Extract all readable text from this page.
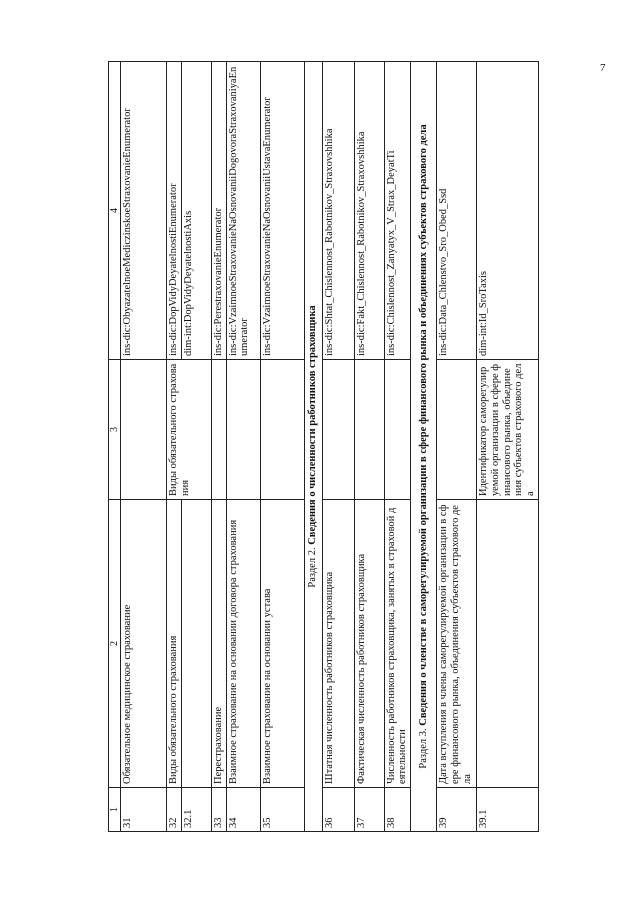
1	2	3	4
31	Обязательное медицинское страхование		ins-dic:ObyazatelnoeMediczinskoeStraxovanieEnumerator
32	Виды обязательного страхования	Виды обязательного страхования	ins-dic:DopVidyDeyatelnostiEnumerator
32.1			dim-int:DopVidyDeyatelnostiAxis
33	Перестрахование		ins-dic:PerestraxovanieEnumerator
34	Взаимное страхование на основании договора страхования		ins-dic:VzaimnoeStraxovanieNaOsnovaniiDogovoraStraxovaniyaEnumerator
35	Взаимное страхование на основании устава		ins-dic:VzaimnoeStraxovanieNaOsnovaniiUstavaEnumerator
Раздел 2. Сведения о численности работников страховщика			
36	Штатная численность работников страховщика		ins-dic:Shtat_Chislennost_Rabotnikov_Straxovshhika
37	Фактическая численность работников страховщика		ins-dic:Fakt_Chislennost_Rabotnikov_Straxovshhika
38	Численность работников страховщика, занятых в страховой деятельности		ins-dic:Chislennost_Zanyatyx_V_Strax_DeyatTi
Раздел 3. Сведения о членстве в саморегулируемой организации в сфере финансового рынка и объединениях субъектов страхового дела			
39	Дата вступления в члены саморегулируемой организации в сфере финансового рынка, объединения субъектов страхового дела		ins-dic:Data_Chlenstvo_Sro_Obed_Ssd
39.1		Идентификатор саморегулируемой организации в сфере финансового рынка, объединения субъектов страхового дела	dim-int:Id_SroTaxis
7
